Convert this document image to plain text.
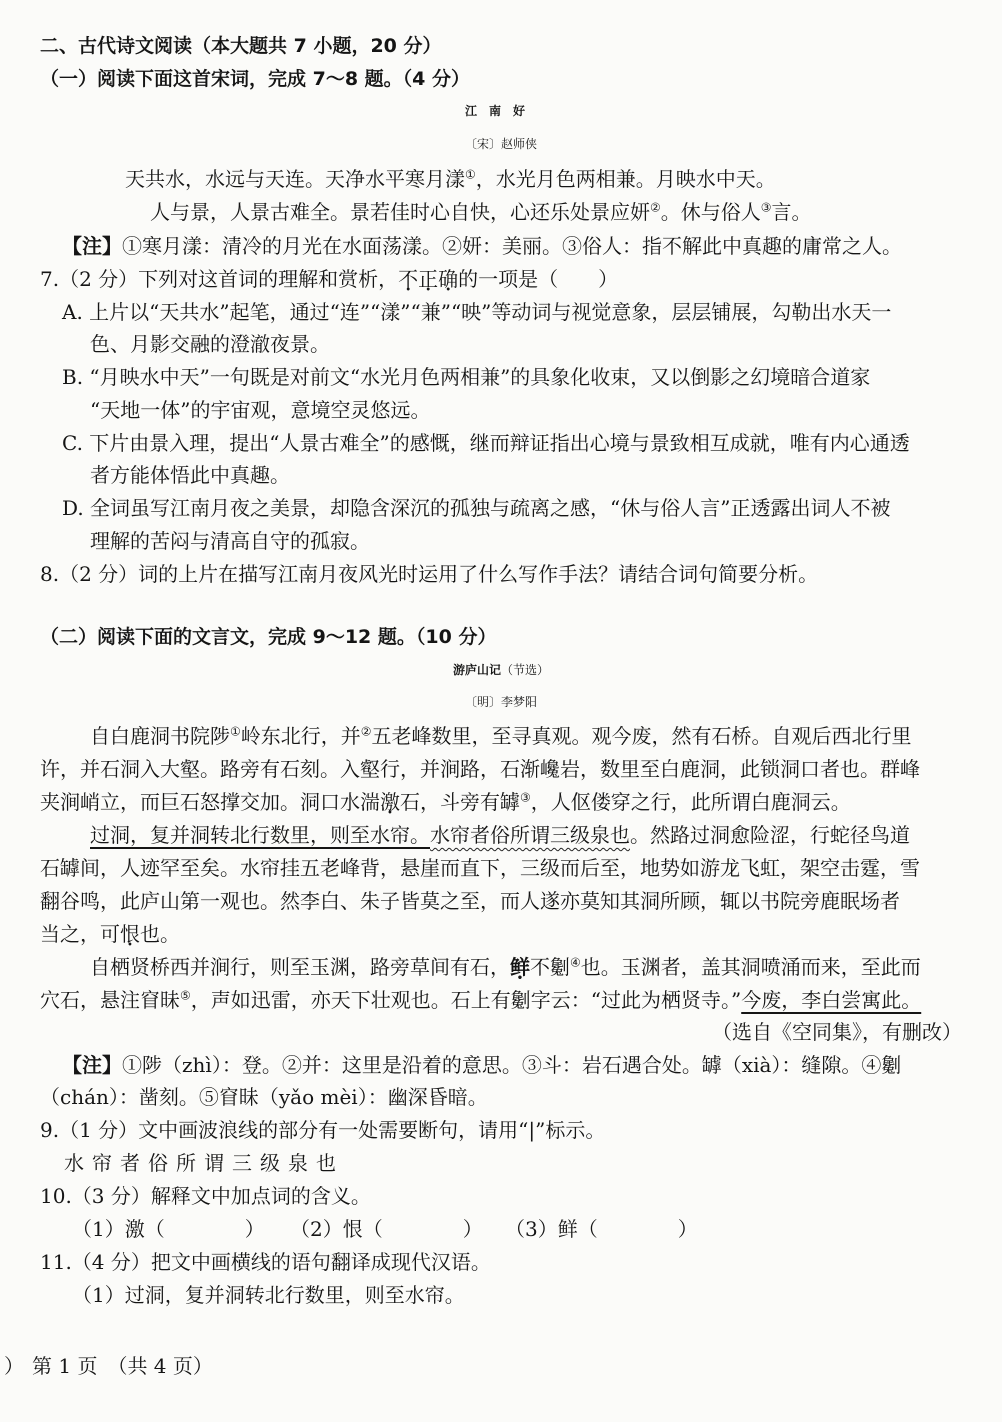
二、古代诗文阅读（本大题共 7 小题，20 分）
（一）阅读下面这首宋词，完成 7～8 题。（4 分）
江南好
〔宋〕赵师侠
天共水，水远与天连。天净水平寒月漾①，水光月色两相兼。月映水中天。
人与景，人景古难全。景若佳时心自快，心还乐处景应妍②。休与俗人③言。
【注】①寒月漾：清冷的月光在水面荡漾。②妍：美丽。③俗人：指不解此中真趣的庸常之人。
7.（2 分）下列对这首词的理解和赏析，不正确的一项是（　　）
A. 上片以“天共水”起笔，通过“连”“漾”“兼”“映”等动词与视觉意象，层层铺展，勾勒出水天一
色、月影交融的澄澈夜景。
B. “月映水中天”一句既是对前文“水光月色两相兼”的具象化收束，又以倒影之幻境暗合道家
“天地一体”的宇宙观，意境空灵悠远。
C. 下片由景入理，提出“人景古难全”的感慨，继而辩证指出心境与景致相互成就，唯有内心通透
者方能体悟此中真趣。
D. 全词虽写江南月夜之美景，却隐含深沉的孤独与疏离之感，“休与俗人言”正透露出词人不被
理解的苦闷与清高自守的孤寂。
8.（2 分）词的上片在描写江南月夜风光时运用了什么写作手法？请结合词句简要分析。
（二）阅读下面的文言文，完成 9～12 题。（10 分）
游庐山记（节选）
〔明〕李梦阳
自白鹿洞书院陟①岭东北行，并②五老峰数里，至寻真观。观今废，然有石桥。自观后西北行里
许，并石洞入大壑。路旁有石刻。入壑行，并涧路，石渐巉岩，数里至白鹿洞，此锁洞口者也。群峰
夹涧峭立，而巨石怒撑交加。洞口水湍激石，斗旁有罅③，人伛偻穿之行，此所谓白鹿洞云。
过洞，复并洞转北行数里，则至水帘。水帘者俗所谓三级泉也。然路过洞愈险涩，行蛇径鸟道
石罅间，人迹罕至矣。水帘挂五老峰背，悬崖而直下，三级而后至，地势如游龙飞虹，架空击霆，雪
翻谷鸣，此庐山第一观也。然李白、朱子皆莫之至，而人遂亦莫知其洞所顾，辄以书院旁鹿眠场者
当之，可恨也。
自栖贤桥西并涧行，则至玉渊，路旁草间有石，鲜不劖④也。玉渊者，盖其洞喷涌而来，至此而
穴石，悬注窅昧⑤，声如迅雷，亦天下壮观也。石上有劖字云：“过此为栖贤寺。”今废，李白尝寓此。
（选自《空同集》，有删改）
【注】①陟（zhì）：登。②并：这里是沿着的意思。③斗：岩石遇合处。罅（xià）：缝隙。④劖
（chán）：凿刻。⑤窅昧（yǎo mèi）：幽深昏暗。
9.（1 分）文中画波浪线的部分有一处需要断句，请用“|”标示。
水帘者俗所谓三级泉也
10.（3 分）解释文中加点词的含义。
（1）激（　　　　） （2）恨（　　　　） （3）鲜（　　　　）
11.（4 分）把文中画横线的语句翻译成现代汉语。
（1）过洞，复并洞转北行数里，则至水帘。
） 第 1 页　（共 4 页）
